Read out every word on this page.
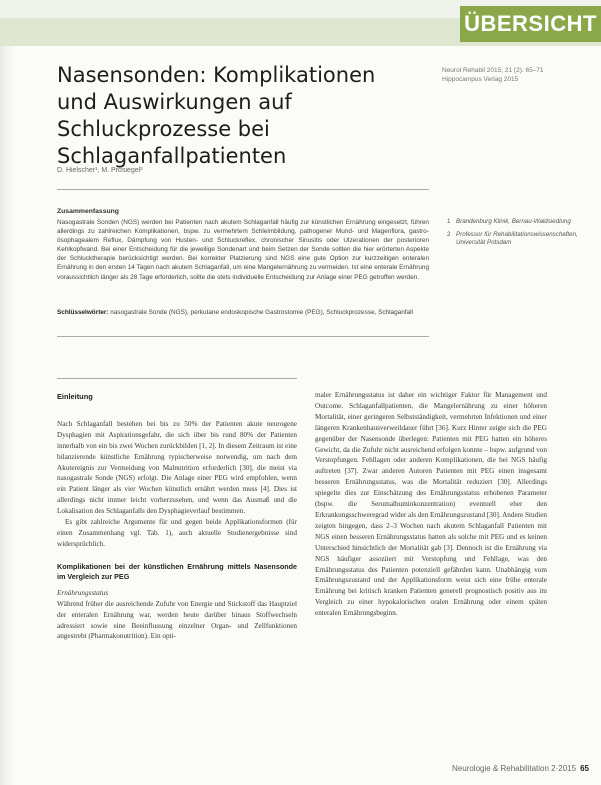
ÜBERSICHT
Nasensonden: Komplikationen und Auswirkungen auf Schluckprozesse bei Schlaganfallpatienten
Neurol Rehabil 2015; 21 (2): 65–71
Hippocampus Verlag 2015
D. Hielscher¹, M. Prosiegel²
Zusammenfassung
Nasogastrale Sonden (NGS) werden bei Patienten nach akutem Schlaganfall häufig zur künstlichen Ernährung eingesetzt, führen allerdings zu zahlreichen Komplikationen, bspw. zu vermehrtem Schleimbildung, pathogener Mund- und Magenflora, gastro-ösophagealem Reflux, Dämpfung von Husten- und Schluckreflex, chronischer Sinusitis oder Ulzerationen der posterioren Kehlkopfwand. Bei einer Entscheidung für die jeweilige Sondenart und beim Setzen der Sonde sollten die hier erörterten Aspekte der Schlucktherapie berücksichtigt werden. Bei korrekter Platzierung sind NGS eine gute Option zur kurzzeitigen enteralen Ernährung in den ersten 14 Tagen nach akutem Schlaganfall, um eine Mangelernährung zu vermeiden. Ist eine enterale Ernährung voraussichtlich länger als 28 Tage erforderlich, sollte die stets individuelle Entscheidung zur Anlage einer PEG getroffen werden.
Schlüsselwörter: nasogastrale Sonde (NGS), perkutane endoskopische Gastrostomie (PEG), Schluckprozesse, Schlaganfall
1 Brandenburg Klinik, Bernau-Waldsiedlung
2 Professor für Rehabilitationswissenschaften, Universität Potsdam
Einleitung

Nach Schlaganfall bestehen bei bis zu 50% der Patienten akute neurogene Dysphagien mit Aspirationsgefahr, die sich über bis rund 80% der Patienten innerhalb von ein bis zwei Wochen zurückbilden [1, 2]. In diesem Zeitraum ist eine bilanzierende künstliche Ernährung typischerweise notwendig, um nach dem Akutereignis zur Vermeidung von Malnutrition erforderlich [30], die meist via nasogastrale Sonde (NGS) erfolgt. Die Anlage einer PEG wird empfohlen, wenn ein Patient länger als vier Wochen künstlich ernährt werden muss [4]. Dies ist allerdings nicht immer leicht vorherzusehen, und wenn das Ausmaß und die Lokalisation des Schlaganfalls den Dysphagieverlauf bestimmen.

Es gibt zahlreiche Argumente für und gegen beide Applikationsformen (für einen Zusammenhang vgl. Tab. 1), auch aktuelle Studienergebnisse sind widersprüchlich.

Komplikationen bei der künstlichen Ernährung mittels Nasensonde im Vergleich zur PEG
Ernährungsstatus

Während früher die ausreichende Zufuhr von Energie und Stickstoff das Hauptziel der enteralen Ernährung war, werden heute darüber hinaus Stoffwechseln adressiert sowie eine Beeinflussung einzelner Organ- und Zellfunktionen angestrebt (Pharmakonutrition). Ein opti-

maler Ernährungsstatus ist daher ein wichtiger Faktor für Management und Outcome. Schlaganfallpatienten, die Mangelernährung zu einer höheren Mortalität, einer geringeren Selbstständigkeit, vermehrten Infektionen und einer längeren Krankenhausverweildauer führt [36]. Kurz Hinter zeigte sich die PEG gegenüber der Nasensonde überlegen: Patienten mit PEG hatten ein höheres Gewicht, da die Zufuhr nicht ausreichend erfolgen konnte – bspw. aufgrund von Verstopfungen. Fehllagen oder anderen Komplikationen, die bei NGS häufig auftreten [37]. Zwar anderen Autoren Patienten mit PEG einen insgesamt besseren Ernährungsstatus, was die Mortalität reduziert [30]. Allerdings spiegelte dies zur Einschätzung des Ernährungsstatus erhobenen Parameter (bspw. die Serumalbuminkonzentration) eventuell eher den Erkrankungsschweregrad wider als den Ernährungszustand [30]. Andere Studien zeigten hingegen, dass 2–3 Wochen nach akutem Schlaganfall Patienten mit NGS einen besseren Ernährungsstatus hatten als solche mit PEG und es keinen Unterschied hinsichtlich der Mortalität gab [3]. Dennoch ist die Ernährung via NGS häufiger assoziiert mit Verstopfung und Fehllage, was den Ernährungsstatus des Patienten potenziell gefährden kann. Unabhängig vom Ernährungszustand und der Applikationsform weist sich eine frühe enterale Ernährung bei kritisch kranken Patienten generell prognostisch positiv aus im Vergleich zu einer hypokalorischen oralen Ernährung oder einem späten enteralen Ernährungsbeginn.

Neurologie & Rehabilitation 2·2015 65
